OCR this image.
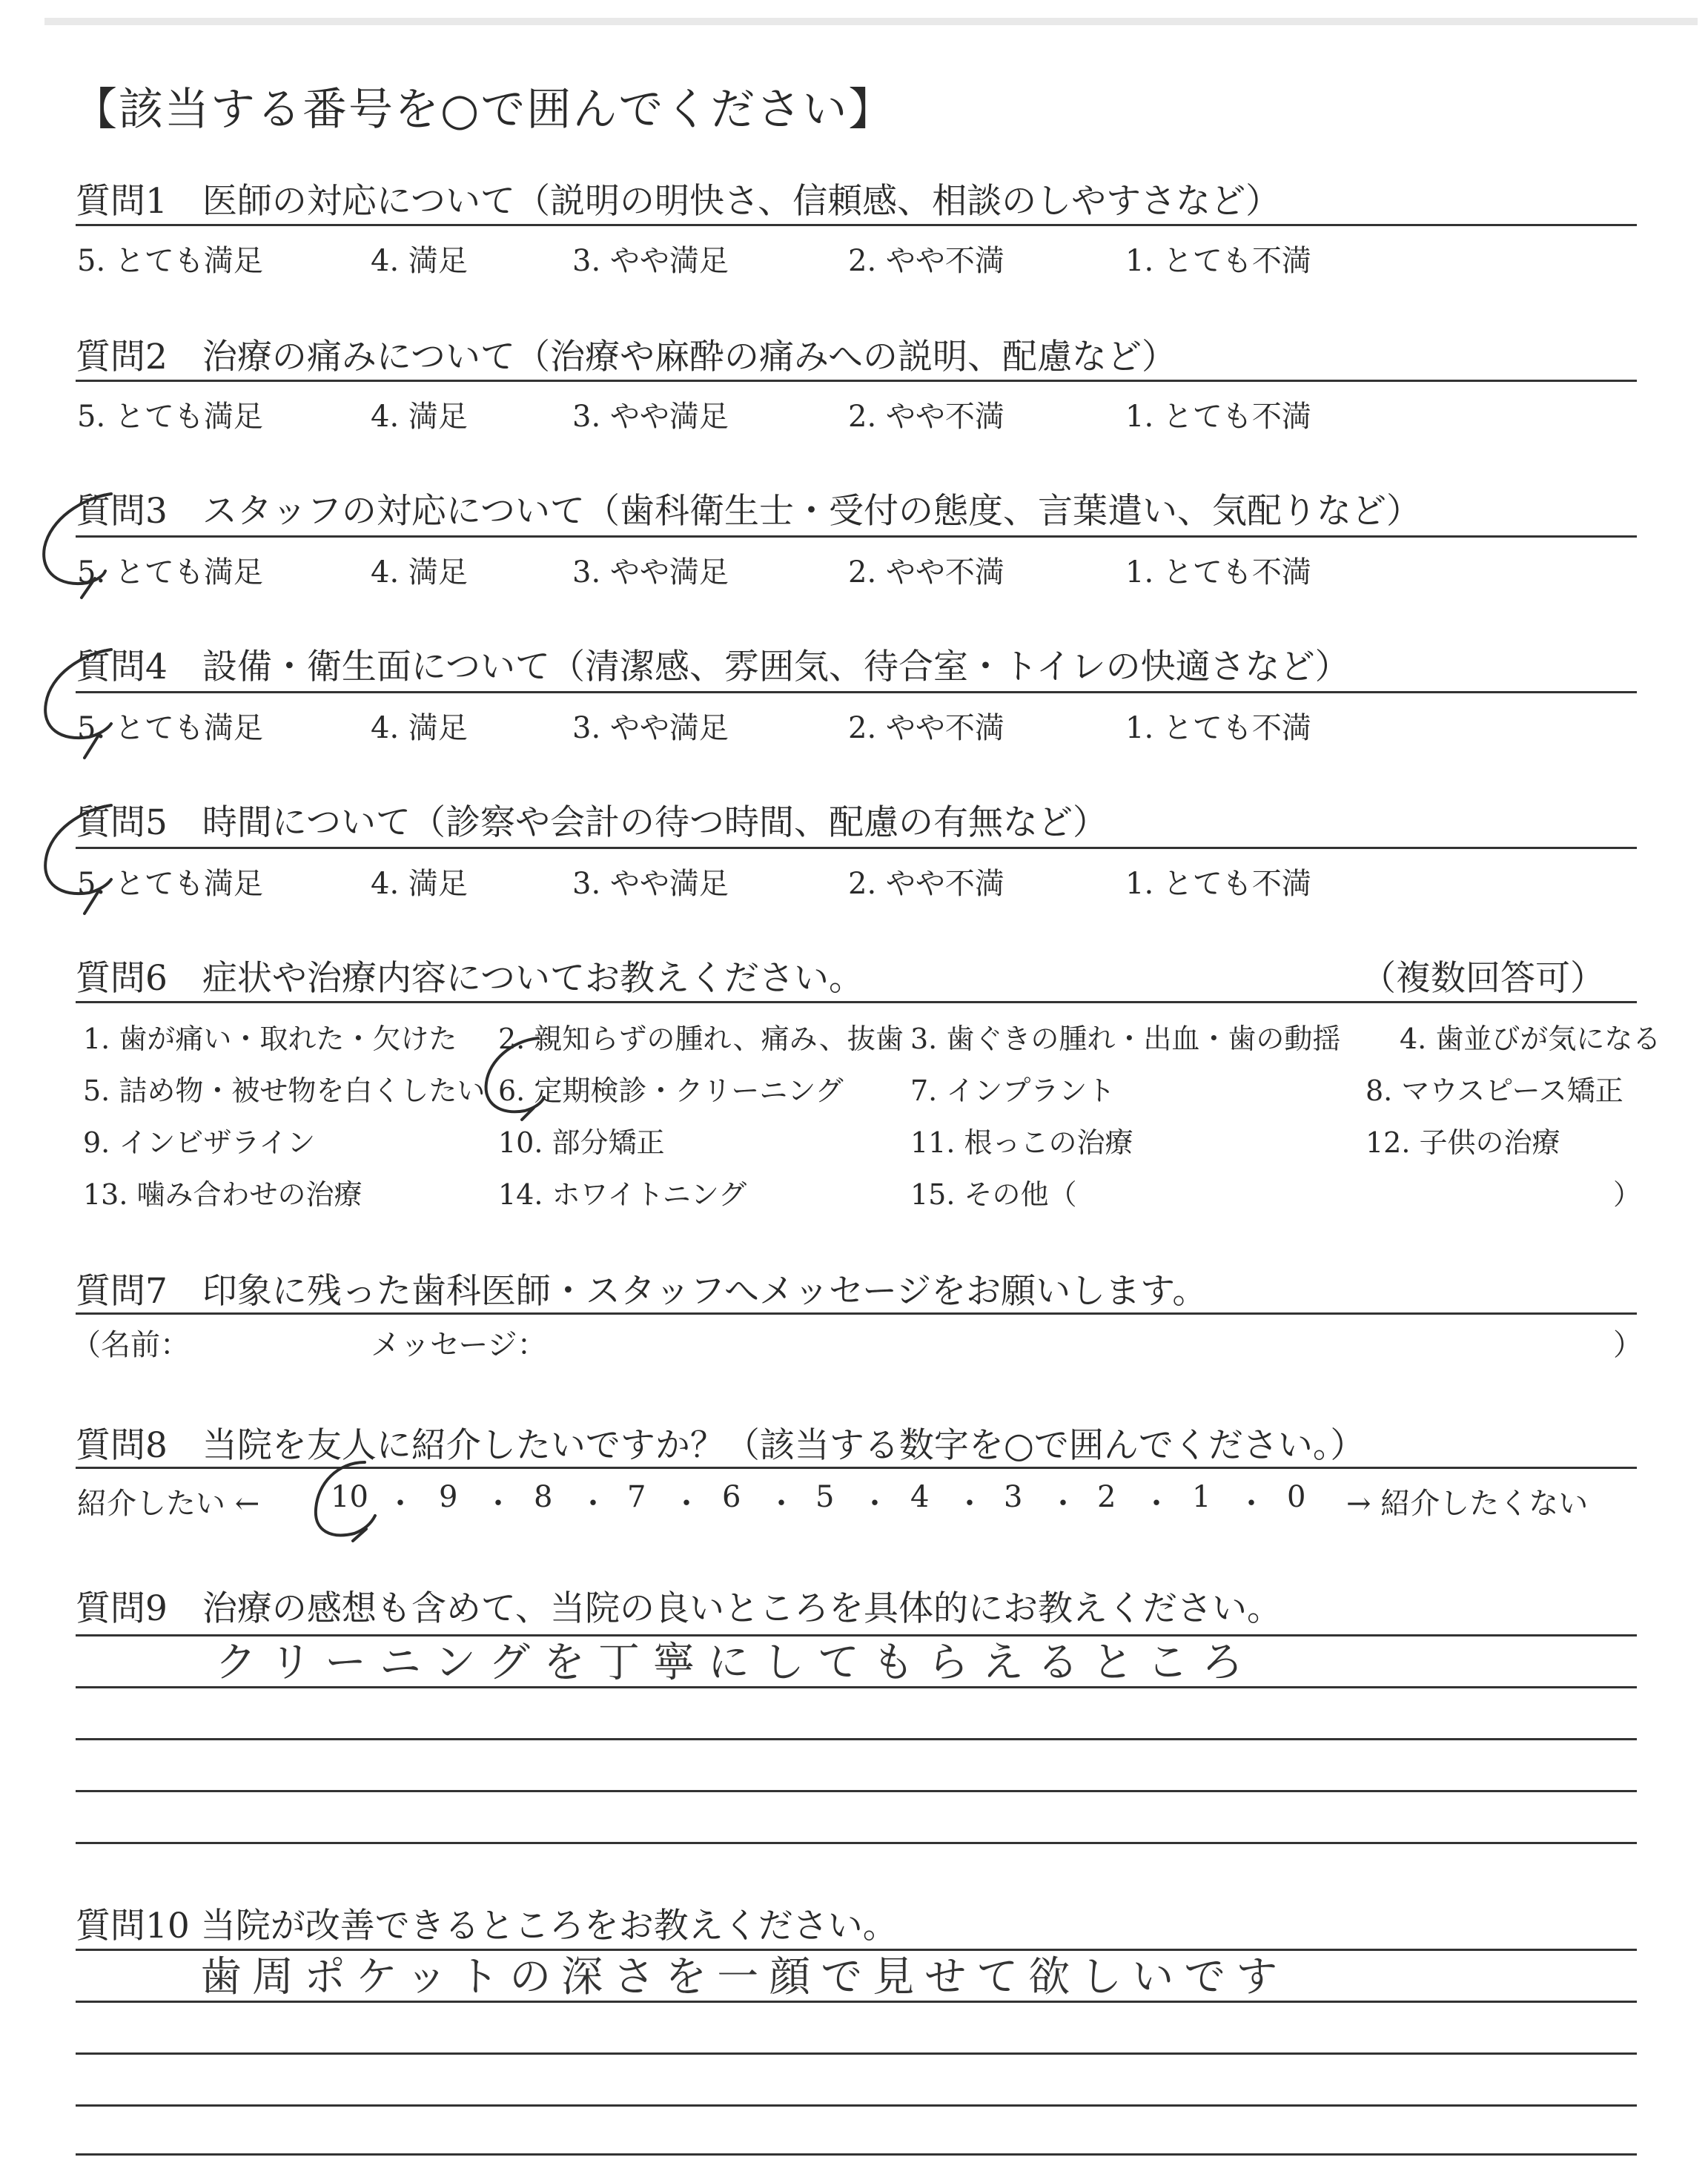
【該当する番号を○で囲んでください】
質問1　医師の対応について（説明の明快さ、信頼感、相談のしやすさなど）
5. とても満足	4. 満足	3. やや満足	2. やや不満	1. とても不満
質問2　治療の痛みについて（治療や麻酔の痛みへの説明、配慮など）
5. とても満足	4. 満足	3. やや満足	2. やや不満	1. とても不満
質問3　スタッフの対応について（歯科衛生士・受付の態度、言葉遣い、気配りなど）
5. とても満足	4. 満足	3. やや満足	2. やや不満	1. とても不満
質問4　設備・衛生面について（清潔感、雰囲気、待合室・トイレの快適さなど）
5. とても満足	4. 満足	3. やや満足	2. やや不満	1. とても不満
質問5　時間について（診察や会計の待つ時間、配慮の有無など）
5. とても満足	4. 満足	3. やや満足	2. やや不満	1. とても不満
質問6　症状や治療内容についてお教えください。	（複数回答可）
1. 歯が痛い・取れた・欠けた 2. 親知らずの腫れ、痛み、抜歯 3. 歯ぐきの腫れ・出血・歯の動揺 4. 歯並びが気になる
5. 詰め物・被せ物を白くしたい 6. 定期検診・クリーニング 7. インプラント	8. マウスピース矯正
9. インビザライン	10. 部分矯正	11. 根っこの治療	12. 子供の治療
13. 噛み合わせの治療	14. ホワイトニング	15. その他（	）
質問7　印象に残った歯科医師・スタッフへメッセージをお願いします。
（名前：	メッセージ：	）
質問8　当院を友人に紹介したいですか？（該当する数字を○で囲んでください。）
紹介したい ← 10 ・ 9 ・ 8 ・ 7 ・ 6 ・ 5 ・ 4 ・ 3 ・ 2 ・ 1 ・ 0 → 紹介したくない
質問9　治療の感想も含めて、当院の良いところを具体的にお教えください。
クリーニングを丁寧にしてもらえるところ
質問10 当院が改善できるところをお教えください。
歯周ポケットの深さを一顔で見せて欲しいです
